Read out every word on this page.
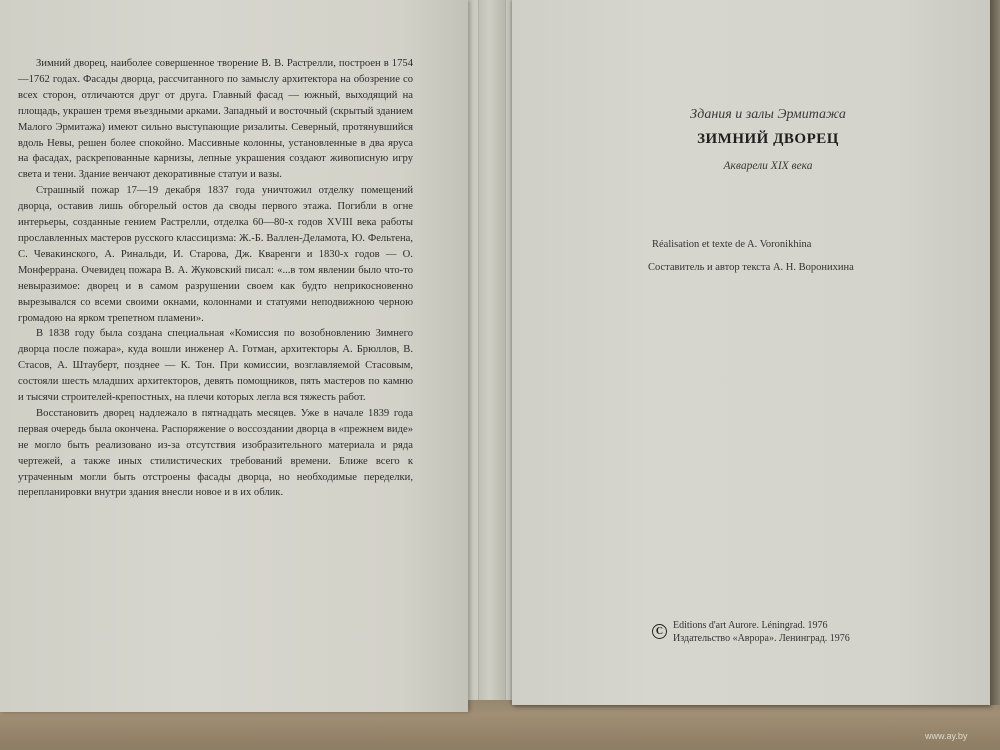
Зимний дворец, наиболее совершенное творение В. В. Растрелли, построен в 1754—1762 годах. Фасады дворца, рассчитанного по замыслу архитектора на обозрение со всех сторон, отличаются друг от друга. Главный фасад — южный, выходящий на площадь, украшен тремя въездными арками. Западный и восточный (скрытый зданием Малого Эрмитажа) имеют сильно выступающие ризалиты. Северный, протянувшийся вдоль Невы, решен более спокойно. Массивные колонны, установленные в два яруса на фасадах, раскрепованные карнизы, лепные украшения создают живописную игру света и тени. Здание венчают декоративные статуи и вазы.

Страшный пожар 17—19 декабря 1837 года уничтожил отделку помещений дворца, оставив лишь обгорелый остов да своды первого этажа. Погибли в огне интерьеры, созданные гением Растрелли, отделка 60—80-х годов XVIII века работы прославленных мастеров русского классицизма: Ж.-Б. Валлен-Деламота, Ю. Фельтена, С. Чевакинского, А. Ринальди, И. Старова, Дж. Кваренги и 1830-х годов — О. Монферрана. Очевидец пожара В. А. Жуковский писал: «...в том явлении было что-то невыразимое: дворец и в самом разрушении своем как будто неприкосновенно вырезывался со всеми своими окнами, колоннами и статуями неподвижною черною громадою на ярком трепетном пламени».

В 1838 году была создана специальная «Комиссия по возобновлению Зимнего дворца после пожара», куда вошли инженер А. Готман, архитекторы А. Брюллов, В. Стасов, А. Штауберт, позднее — К. Тон. При комиссии, возглавляемой Стасовым, состояли шесть младших архитекторов, девять помощников, пять мастеров по камню и тысячи строителей-крепостных, на плечи которых легла вся тяжесть работ.

Восстановить дворец надлежало в пятнадцать месяцев. Уже в начале 1839 года первая очередь была окончена. Распоряжение о воссоздании дворца в «прежнем виде» не могло быть реализовано из-за отсутствия изобразительного материала и ряда чертежей, а также иных стилистических требований времени. Ближе всего к утраченным могли быть отстроены фасады дворца, но необходимые переделки, перепланировки внутри здания внесли новое и в их облик.

Здания и залы Эрмитажа
ЗИМНИЙ ДВОРЕЦ
Акварели XIX века
Réalisation et texte de A. Voronikhina
Составитель и автор текста А. Н. Воронихина
C
Editions d'art Aurore. Léningrad. 1976
Издательство «Аврора». Ленинград. 1976
www.ay.by
